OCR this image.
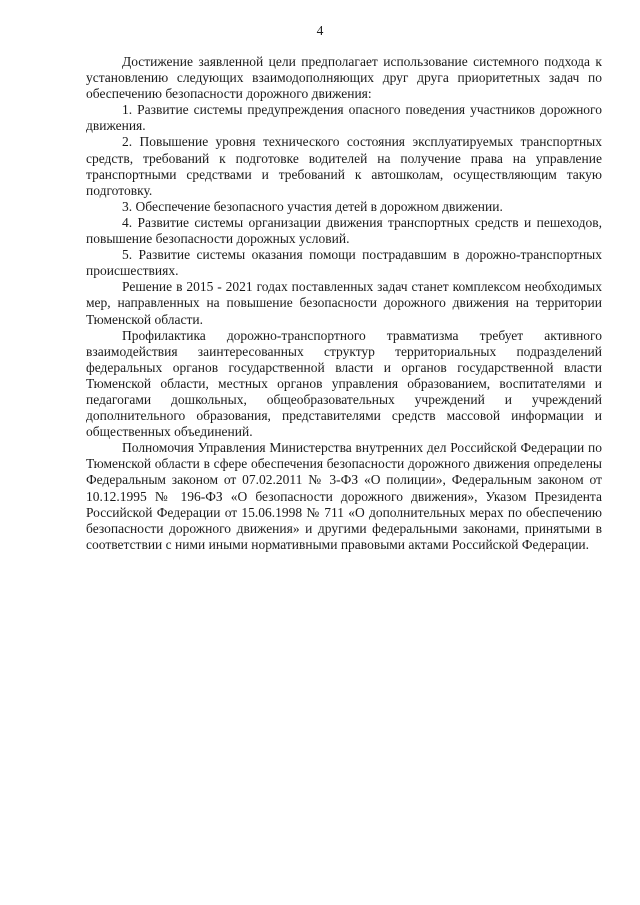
4

Достижение заявленной цели предполагает использование системного подхода к установлению следующих взаимодополняющих друг друга приоритетных задач по обеспечению безопасности дорожного движения:

1. Развитие системы предупреждения опасного поведения участников дорожного движения.

2. Повышение уровня технического состояния эксплуатируемых транспортных средств, требований к подготовке водителей на получение права на управление транспортными средствами и требований к автошколам, осуществляющим такую подготовку.

3. Обеспечение безопасного участия детей в дорожном движении.

4. Развитие системы организации движения транспортных средств и пешеходов, повышение безопасности дорожных условий.

5. Развитие системы оказания помощи пострадавшим в дорожно-транспортных происшествиях.

Решение в 2015 - 2021 годах поставленных задач станет комплексом необходимых мер, направленных на повышение безопасности дорожного движения на территории Тюменской области.

Профилактика дорожно-транспортного травматизма требует активного взаимодействия заинтересованных структур территориальных подразделений федеральных органов государственной власти и органов государственной власти Тюменской области, местных органов управления образованием, воспитателями и педагогами дошкольных, общеобразовательных учреждений и учреждений дополнительного образования, представителями средств массовой информации и общественных объединений.

Полномочия Управления Министерства внутренних дел Российской Федерации по Тюменской области в сфере обеспечения безопасности дорожного движения определены Федеральным законом от 07.02.2011 № 3-ФЗ «О полиции», Федеральным законом от 10.12.1995 № 196-ФЗ «О безопасности дорожного движения», Указом Президента Российской Федерации от 15.06.1998 № 711 «О дополнительных мерах по обеспечению безопасности дорожного движения» и другими федеральными законами, принятыми в соответствии с ними иными нормативными правовыми актами Российской Федерации.
